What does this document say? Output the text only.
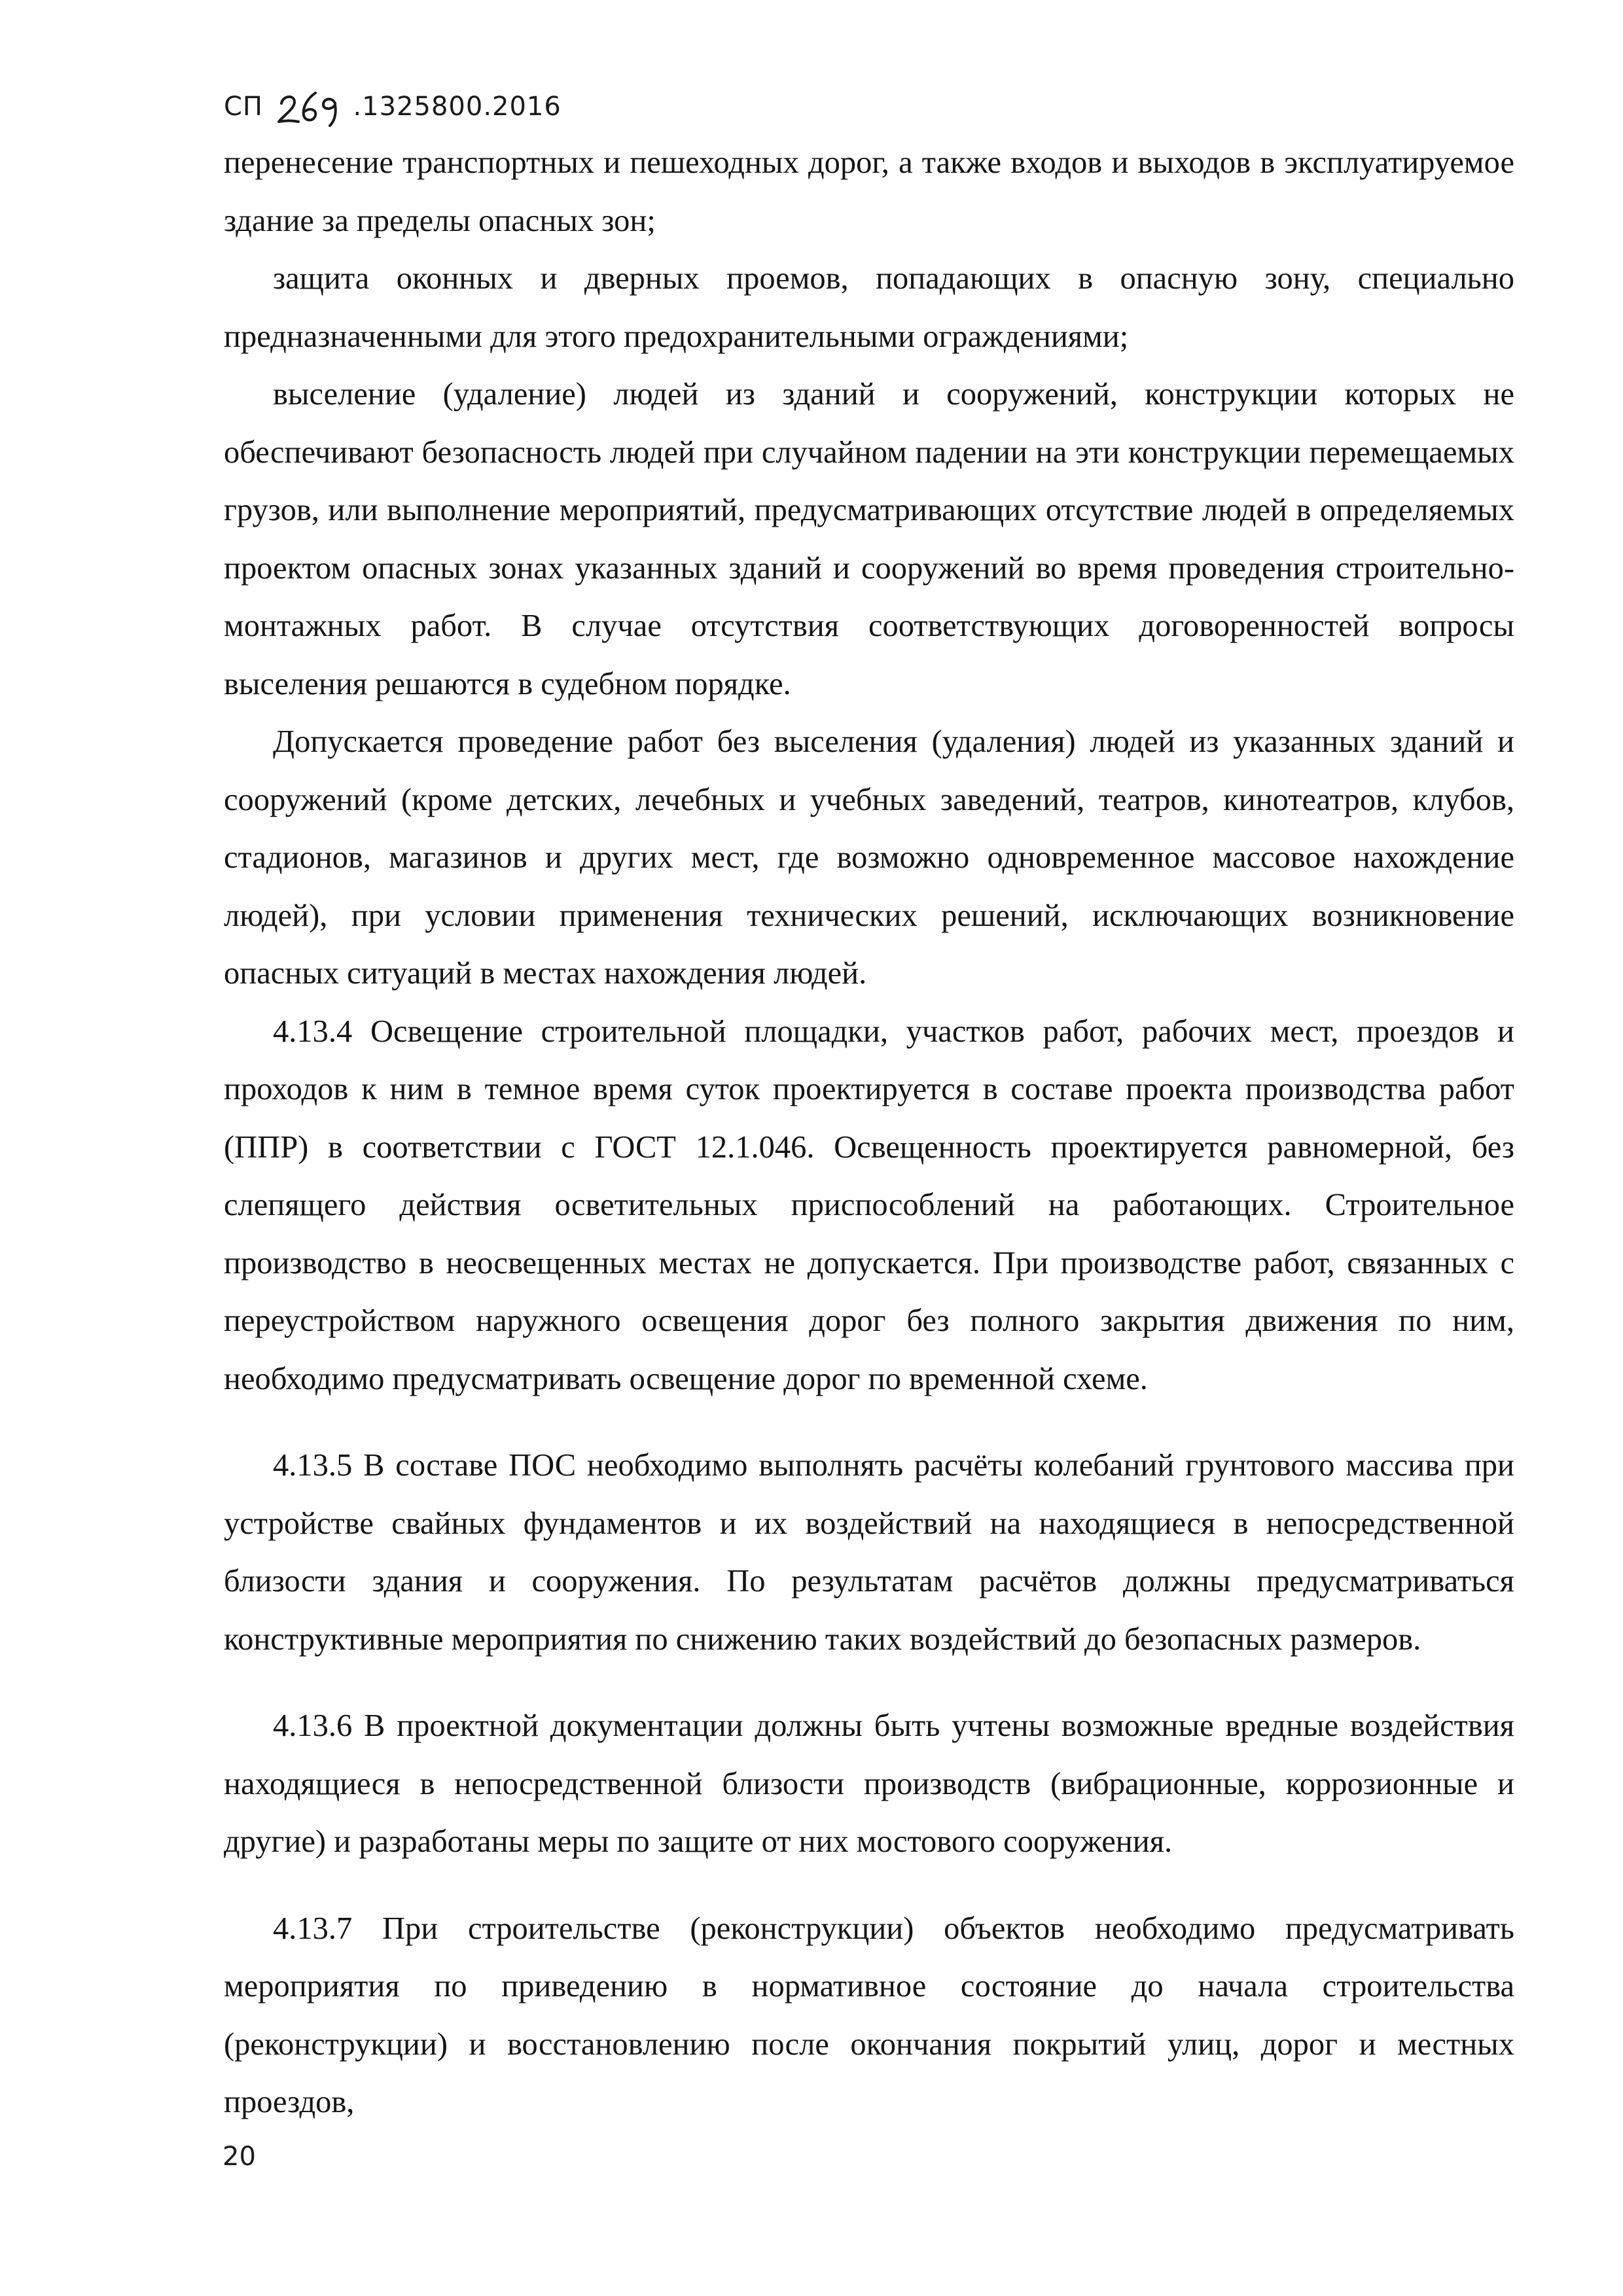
СП	.1325800.2016

перенесение транспортных и пешеходных дорог, а также входов и выходов в эксплуатируемое здание за пределы опасных зон;

защита оконных и дверных проемов, попадающих в опасную зону, специально предназначенными для этого предохранительными ограждениями;

выселение (удаление) людей из зданий и сооружений, конструкции которых не обеспечивают безопасность людей при случайном падении на эти конструкции перемещаемых грузов, или выполнение мероприятий, предусматривающих отсутствие людей в определяемых проектом опасных зонах указанных зданий и сооружений во время проведения строительно-монтажных работ. В случае отсутствия соответствующих договоренностей вопросы выселения решаются в судебном порядке.

Допускается проведение работ без выселения (удаления) людей из указанных зданий и сооружений (кроме детских, лечебных и учебных заведений, театров, кинотеатров, клубов, стадионов, магазинов и других мест, где возможно одновременное массовое нахождение людей), при условии применения технических решений, исключающих возникновение опасных ситуаций в местах нахождения людей.

4.13.4 Освещение строительной площадки, участков работ, рабочих мест, проездов и проходов к ним в темное время суток проектируется в составе проекта производства работ (ППР) в соответствии с ГОСТ 12.1.046. Освещенность проектируется равномерной, без слепящего действия осветительных приспособлений на работающих. Строительное производство в неосвещенных местах не допускается. При производстве работ, связанных с переустройством наружного освещения дорог без полного закрытия движения по ним, необходимо предусматривать освещение дорог по временной схеме.

4.13.5 В составе ПОС необходимо выполнять расчёты колебаний грунтового массива при устройстве свайных фундаментов и их воздействий на находящиеся в непосредственной близости здания и сооружения. По результатам расчётов должны предусматриваться конструктивные мероприятия по снижению таких воздействий до безопасных размеров.

4.13.6 В проектной документации должны быть учтены возможные вредные воздействия находящиеся в непосредственной близости производств (вибрационные, коррозионные и другие) и разработаны меры по защите от них мостового сооружения.

4.13.7 При строительстве (реконструкции) объектов необходимо предусматривать мероприятия по приведению в нормативное состояние до начала строительства (реконструкции) и восстановлению после окончания покрытий улиц, дорог и местных проездов,

20
